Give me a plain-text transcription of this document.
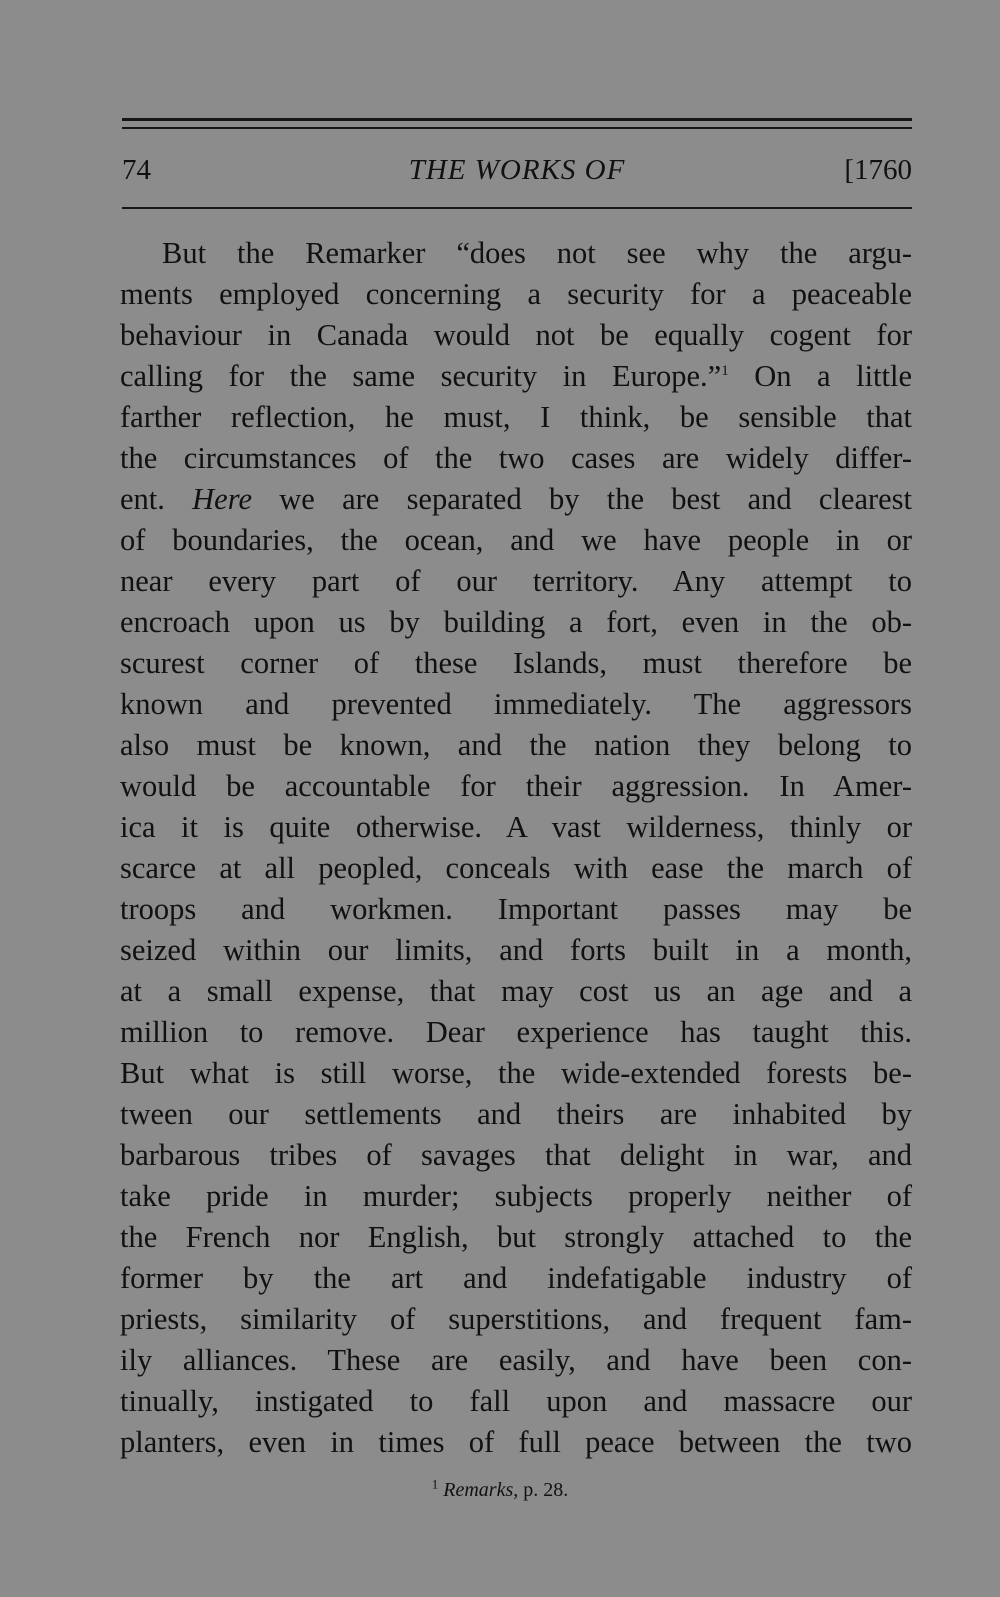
74	THE WORKS OF	[1760
But the Remarker “does not see why the argu-
ments employed concerning a security for a peaceable
behaviour in Canada would not be equally cogent for
calling for the same security in Europe.”$^1$ On a little
farther reflection, he must, I think, be sensible that
the circumstances of the two cases are widely differ-
ent. Here we are separated by the best and clearest
of boundaries, the ocean, and we have people in or
near every part of our territory. Any attempt to
encroach upon us by building a fort, even in the ob-
scurest corner of these Islands, must therefore be
known and prevented immediately. The aggressors
also must be known, and the nation they belong to
would be accountable for their aggression. In Amer-
ica it is quite otherwise. A vast wilderness, thinly or
scarce at all peopled, conceals with ease the march of
troops and workmen. Important passes may be
seized within our limits, and forts built in a month,
at a small expense, that may cost us an age and a
million to remove. Dear experience has taught this.
But what is still worse, the wide-extended forests be-
tween our settlements and theirs are inhabited by
barbarous tribes of savages that delight in war, and
take pride in murder; subjects properly neither of
the French nor English, but strongly attached to the
former by the art and indefatigable industry of
priests, similarity of superstitions, and frequent fam-
ily alliances. These are easily, and have been con-
tinually, instigated to fall upon and massacre our
planters, even in times of full peace between the two
$^1$ Remarks, p. 28.
